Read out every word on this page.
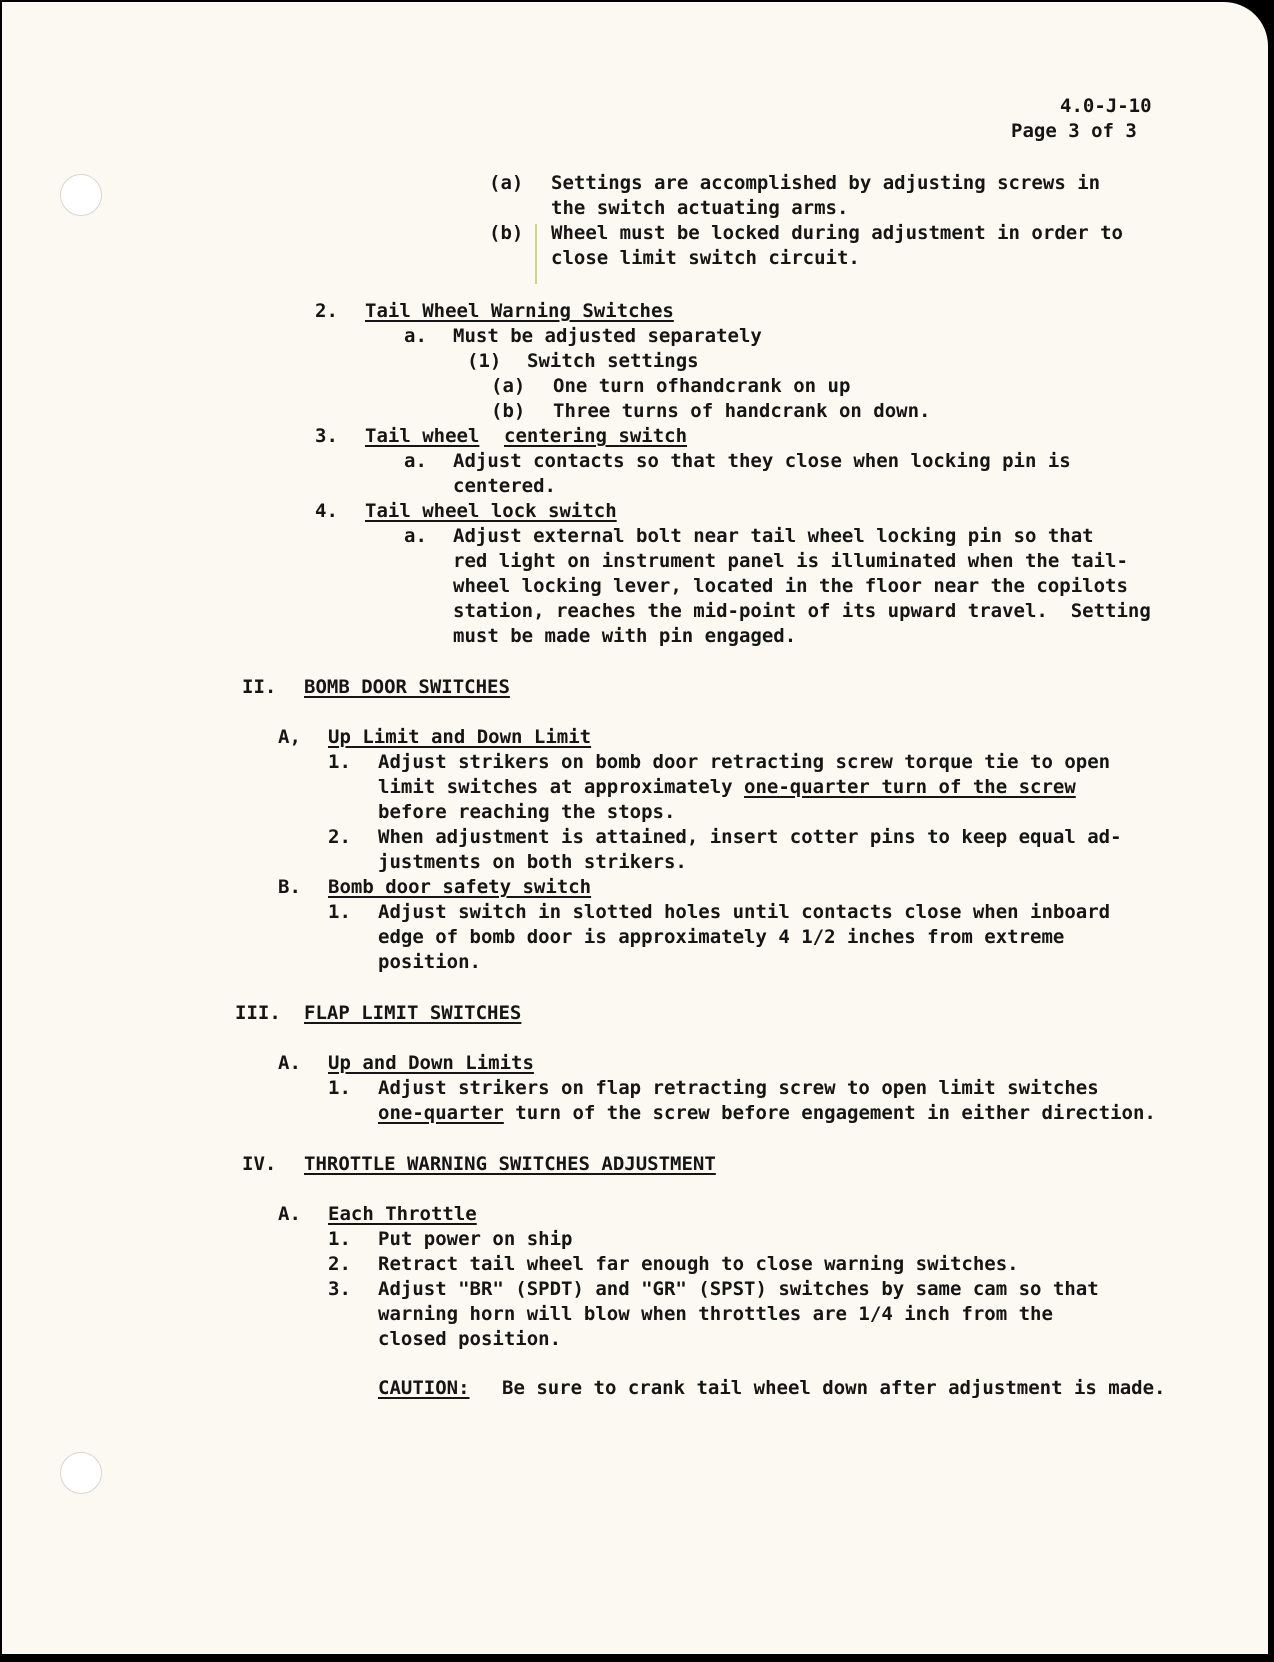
4.0-J-10
Page 3 of 3
(a) Settings are accomplished by adjusting screws in
the switch actuating arms.
(b) Wheel must be locked during adjustment in order to
close limit switch circuit.
2. Tail Wheel Warning Switches
a. Must be adjusted separately
(1) Switch settings
(a) One turn ofhandcrank on up
(b) Three turns of handcrank on down.
3. Tail wheel centering switch
a. Adjust contacts so that they close when locking pin is
centered.
4. Tail wheel lock switch
a. Adjust external bolt near tail wheel locking pin so that
red light on instrument panel is illuminated when the tail-
wheel locking lever, located in the floor near the copilots
station, reaches the mid-point of its upward travel.  Setting
must be made with pin engaged.
II. BOMB DOOR SWITCHES
A, Up Limit and Down Limit
1. Adjust strikers on bomb door retracting screw torque tie to open
limit switches at approximately one-quarter turn of the screw
before reaching the stops.
2. When adjustment is attained, insert cotter pins to keep equal ad-
justments on both strikers.
B. Bomb door safety switch
1. Adjust switch in slotted holes until contacts close when inboard
edge of bomb door is approximately 4 1/2 inches from extreme
position.
III. FLAP LIMIT SWITCHES
A. Up and Down Limits
1. Adjust strikers on flap retracting screw to open limit switches
one-quarter turn of the screw before engagement in either direction.
IV. THROTTLE WARNING SWITCHES ADJUSTMENT
A. Each Throttle
1. Put power on ship
2. Retract tail wheel far enough to close warning switches.
3. Adjust "BR" (SPDT) and "GR" (SPST) switches by same cam so that
warning horn will blow when throttles are 1/4 inch from the
closed position.
CAUTION: Be sure to crank tail wheel down after adjustment is made.
